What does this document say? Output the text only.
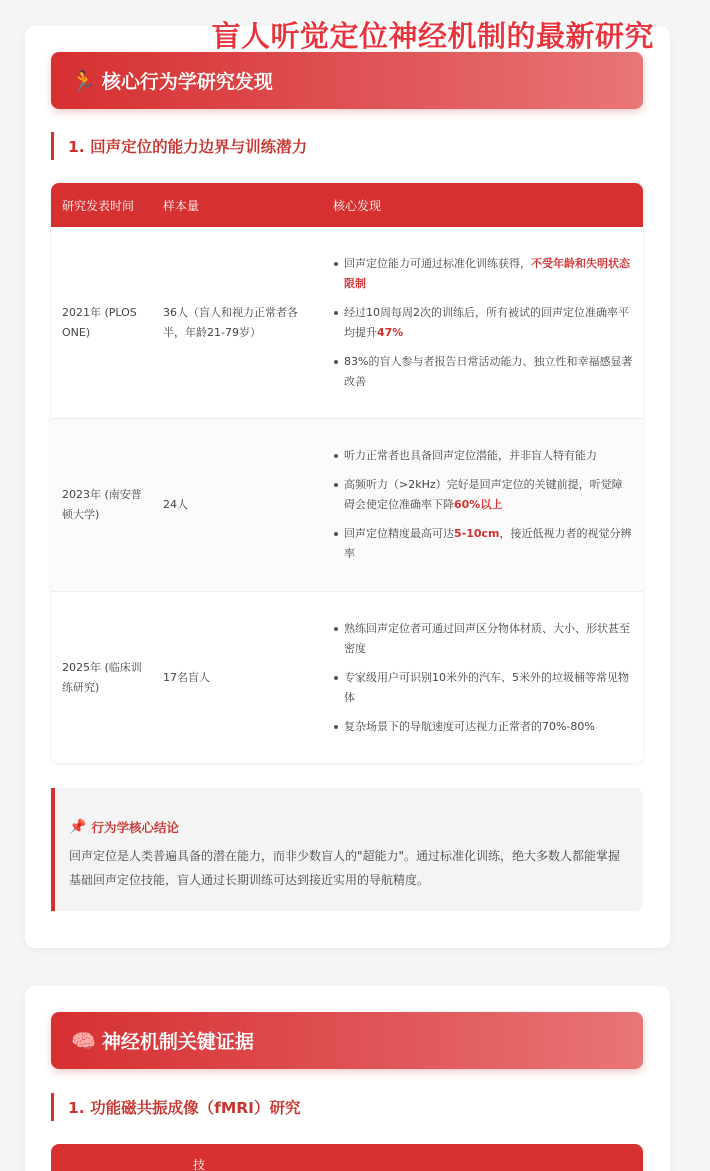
盲人听觉定位神经机制的最新研究
🏃 核心行为学研究发现
1. 回声定位的能力边界与训练潜力
研究发表时间	样本量	核心发现
2021年 (PLOS ONE)
36人（盲人和视力正常者各半，年龄21-79岁）
回声定位能力可通过标准化训练获得，不受年龄和失明状态限制
经过10周每周2次的训练后，所有被试的回声定位准确率平均提升47%
83%的盲人参与者报告日常活动能力、独立性和幸福感显著改善
2023年 (南安普顿大学)
24人
听力正常者也具备回声定位潜能，并非盲人特有能力
高频听力（>2kHz）完好是回声定位的关键前提，听觉障碍会使定位准确率下降60%以上
回声定位精度最高可达5-10cm，接近低视力者的视觉分辨率
2025年 (临床训练研究)
17名盲人
熟练回声定位者可通过回声区分物体材质、大小、形状甚至密度
专家级用户可识别10米外的汽车、5米外的垃圾桶等常见物体
复杂场景下的导航速度可达视力正常者的70%-80%
📌 行为学核心结论
回声定位是人类普遍具备的潜在能力，而非少数盲人的"超能力"。通过标准化训练，绝大多数人都能掌握基础回声定位技能，盲人通过长期训练可达到接近实用的导航精度。
🧠 神经机制关键证据
1. 功能磁共振成像（fMRI）研究
技
